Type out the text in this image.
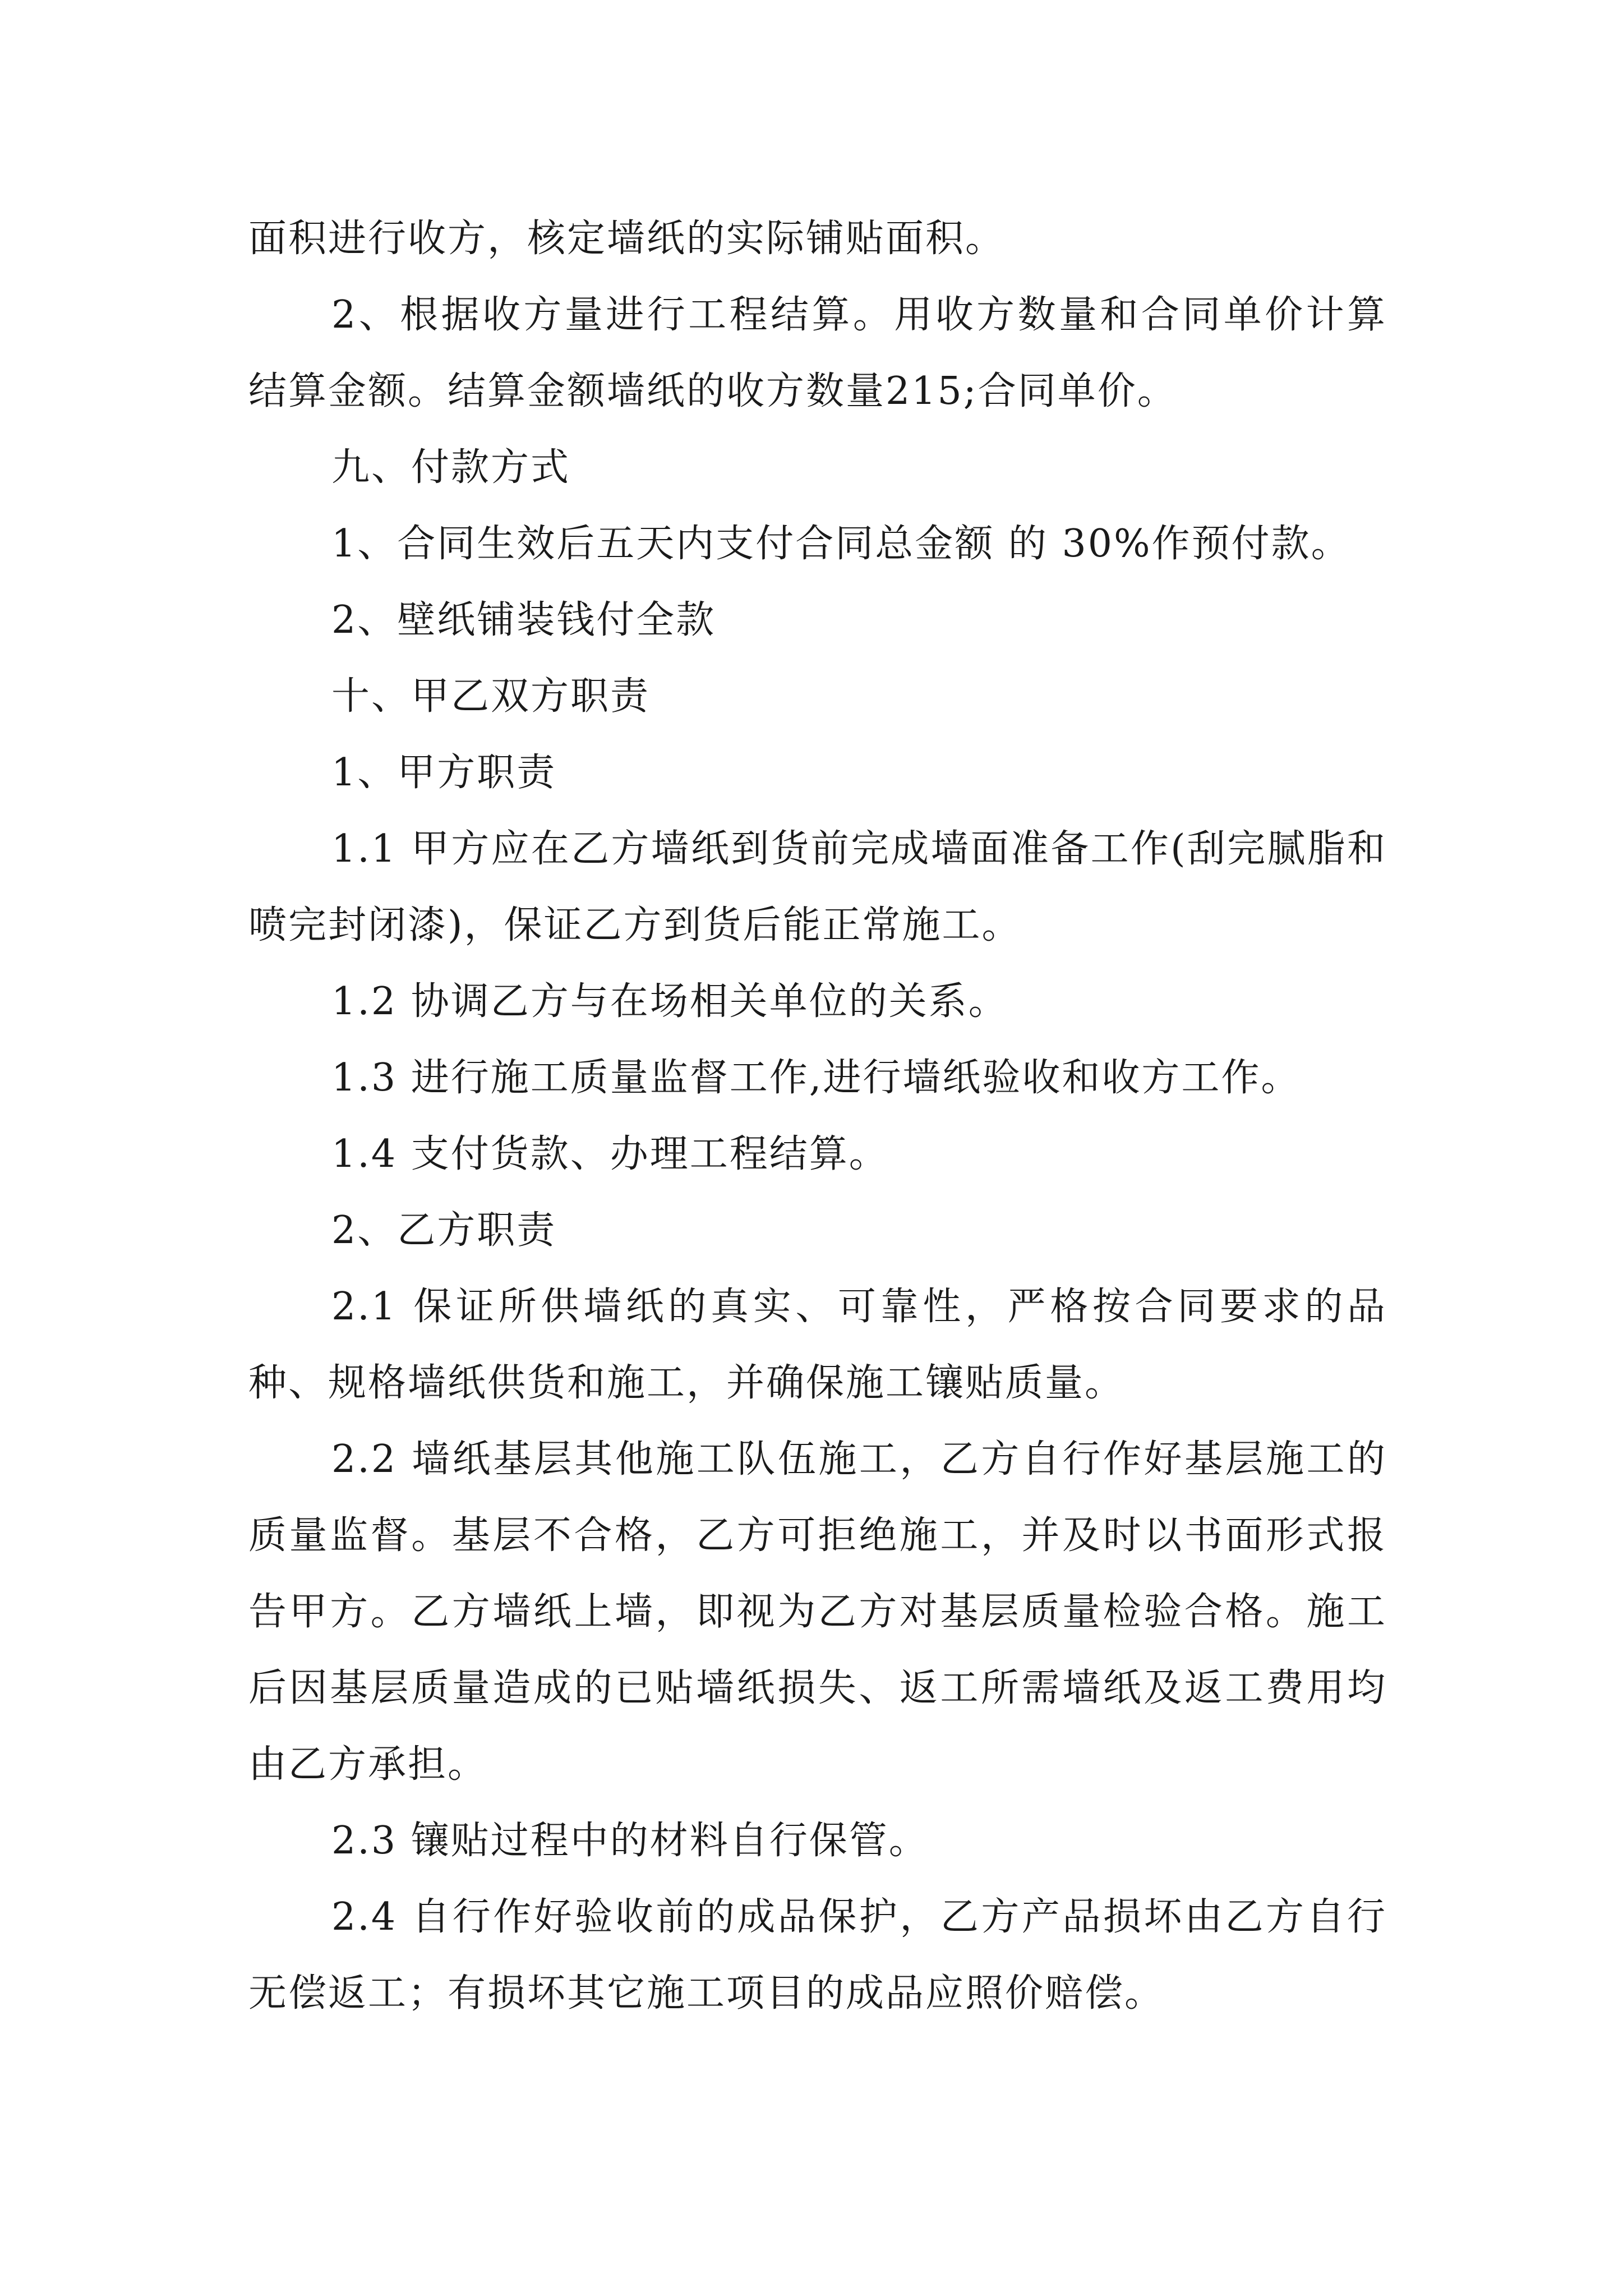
面积进行收方，核定墙纸的实际铺贴面积。

2、根据收方量进行工程结算。用收方数量和合同单价计算结算金额。结算金额墙纸的收方数量215;合同单价。

九、付款方式

1、合同生效后五天内支付合同总金额 的 30%作预付款。

2、壁纸铺装钱付全款

十、甲乙双方职责

1、甲方职责

1.1 甲方应在乙方墙纸到货前完成墙面准备工作(刮完腻脂和喷完封闭漆)，保证乙方到货后能正常施工。

1.2 协调乙方与在场相关单位的关系。

1.3 进行施工质量监督工作,进行墙纸验收和收方工作。

1.4 支付货款、办理工程结算。

2、乙方职责

2.1 保证所供墙纸的真实、可靠性，严格按合同要求的品种、规格墙纸供货和施工，并确保施工镶贴质量。

2.2 墙纸基层其他施工队伍施工，乙方自行作好基层施工的质量监督。基层不合格，乙方可拒绝施工，并及时以书面形式报告甲方。乙方墙纸上墙，即视为乙方对基层质量检验合格。施工后因基层质量造成的已贴墙纸损失、返工所需墙纸及返工费用均由乙方承担。

2.3 镶贴过程中的材料自行保管。

2.4 自行作好验收前的成品保护，乙方产品损坏由乙方自行无偿返工；有损坏其它施工项目的成品应照价赔偿。
